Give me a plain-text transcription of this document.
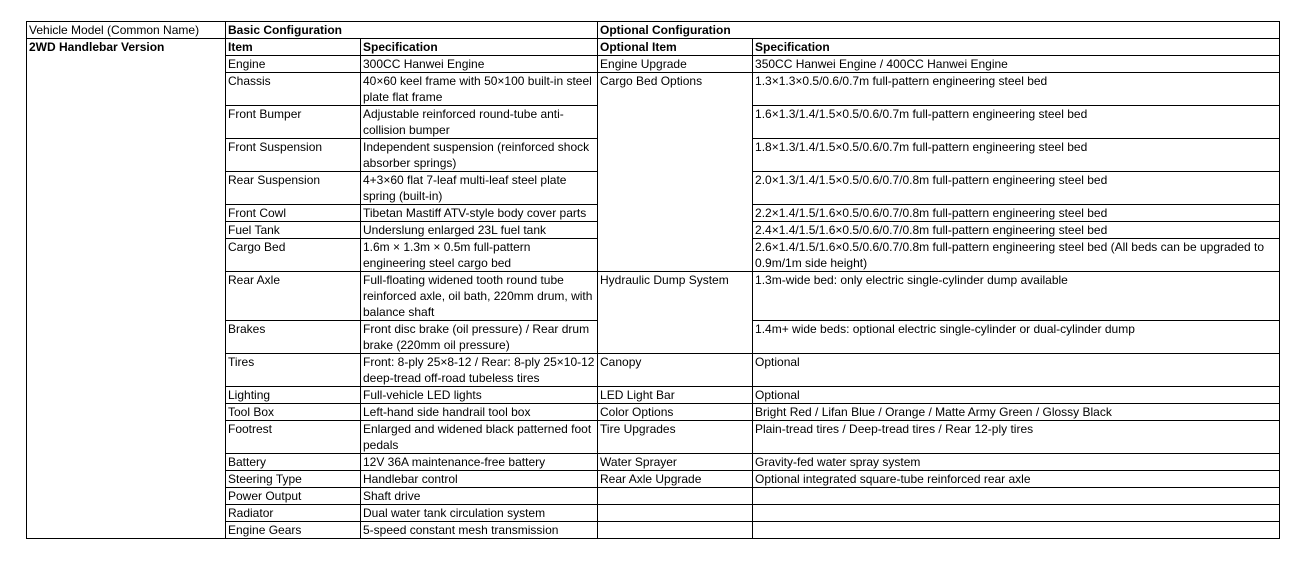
Vehicle Model (Common Name)	Basic Configuration		Optional Configuration	
2WD Handlebar Version	Item	Specification	Optional Item	Specification
	Engine	300CC Hanwei Engine	Engine Upgrade	350CC Hanwei Engine / 400CC Hanwei Engine
	Chassis	40×60 keel frame with 50×100 built-in steel plate flat frame	Cargo Bed Options	1.3×1.3×0.5/0.6/0.7m full-pattern engineering steel bed
	Front Bumper	Adjustable reinforced round-tube anti-collision bumper		1.6×1.3/1.4/1.5×0.5/0.6/0.7m full-pattern engineering steel bed
	Front Suspension	Independent suspension (reinforced shock absorber springs)		1.8×1.3/1.4/1.5×0.5/0.6/0.7m full-pattern engineering steel bed
	Rear Suspension	4+3×60 flat 7-leaf multi-leaf steel plate spring (built-in)		2.0×1.3/1.4/1.5×0.5/0.6/0.7/0.8m full-pattern engineering steel bed
	Front Cowl	Tibetan Mastiff ATV-style body cover parts		2.2×1.4/1.5/1.6×0.5/0.6/0.7/0.8m full-pattern engineering steel bed
	Fuel Tank	Underslung enlarged 23L fuel tank		2.4×1.4/1.5/1.6×0.5/0.6/0.7/0.8m full-pattern engineering steel bed
	Cargo Bed	1.6m × 1.3m × 0.5m full-pattern engineering steel cargo bed		2.6×1.4/1.5/1.6×0.5/0.6/0.7/0.8m full-pattern engineering steel bed (All beds can be upgraded to 0.9m/1m side height)
	Rear Axle	Full-floating widened tooth round tube reinforced axle, oil bath, 220mm drum, with balance shaft	Hydraulic Dump System	1.3m-wide bed: only electric single-cylinder dump available
	Brakes	Front disc brake (oil pressure) / Rear drum brake (220mm oil pressure)		1.4m+ wide beds: optional electric single-cylinder or dual-cylinder dump
	Tires	Front: 8-ply 25×8-12 / Rear: 8-ply 25×10-12 deep-tread off-road tubeless tires	Canopy	Optional
	Lighting	Full-vehicle LED lights	LED Light Bar	Optional
	Tool Box	Left-hand side handrail tool box	Color Options	Bright Red / Lifan Blue / Orange / Matte Army Green / Glossy Black
	Footrest	Enlarged and widened black patterned foot pedals	Tire Upgrades	Plain-tread tires / Deep-tread tires / Rear 12-ply tires
	Battery	12V 36A maintenance-free battery	Water Sprayer	Gravity-fed water spray system
	Steering Type	Handlebar control	Rear Axle Upgrade	Optional integrated square-tube reinforced rear axle
	Power Output	Shaft drive		
	Radiator	Dual water tank circulation system		
	Engine Gears	5-speed constant mesh transmission		
